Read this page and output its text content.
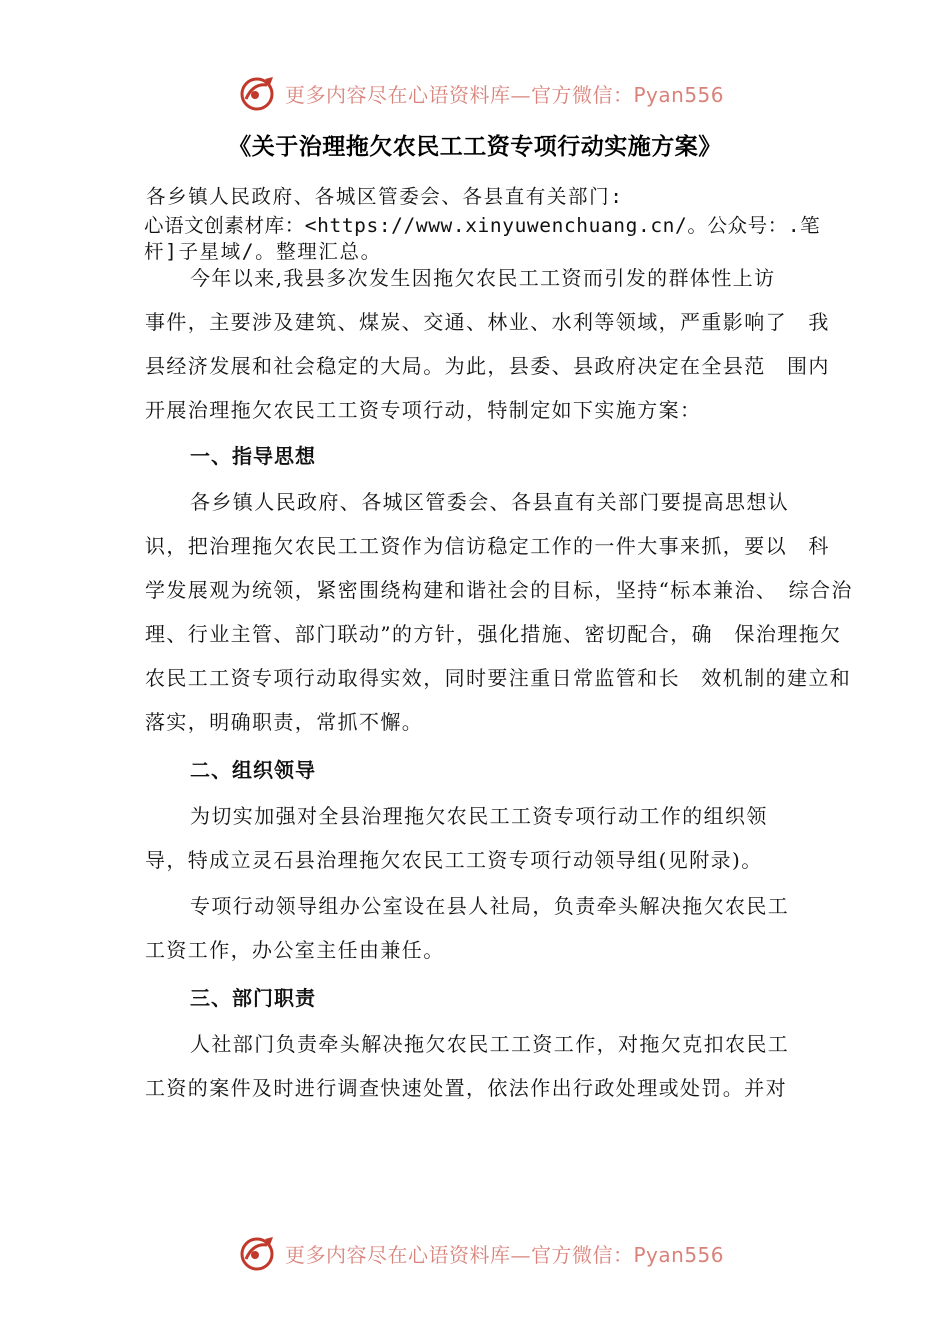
更多内容尽在心语资料库—官方微信：Pyan556
《关于治理拖欠农民工工资专项行动实施方案》
各乡镇人民政府、各城区管委会、各县直有关部门:
心语文创素材库：<https://www.xinyuwenchuang.cn/。公众号：.笔
杆]子星域/。整理汇总。
今年以来,我县多次发生因拖欠农民工工资而引发的群体性上访
事件，主要涉及建筑、煤炭、交通、林业、水利等领域，严重影响了　我
县经济发展和社会稳定的大局。为此，县委、县政府决定在全县范　围内
开展治理拖欠农民工工资专项行动，特制定如下实施方案：
一、指导思想
各乡镇人民政府、各城区管委会、各县直有关部门要提高思想认
识，把治理拖欠农民工工资作为信访稳定工作的一件大事来抓，要以　科
学发展观为统领，紧密围绕构建和谐社会的目标，坚持“标本兼治、　综合治
理、行业主管、部门联动”的方针，强化措施、密切配合，确　保治理拖欠
农民工工资专项行动取得实效，同时要注重日常监管和长　效机制的建立和
落实，明确职责，常抓不懈。
二、组织领导
为切实加强对全县治理拖欠农民工工资专项行动工作的组织领
导，特成立灵石县治理拖欠农民工工资专项行动领导组(见附录)。
专项行动领导组办公室设在县人社局，负责牵头解决拖欠农民工
工资工作，办公室主任由兼任。
三、部门职责
人社部门负责牵头解决拖欠农民工工资工作，对拖欠克扣农民工
工资的案件及时进行调查快速处置，依法作出行政处理或处罚。并对
更多内容尽在心语资料库—官方微信：Pyan556
